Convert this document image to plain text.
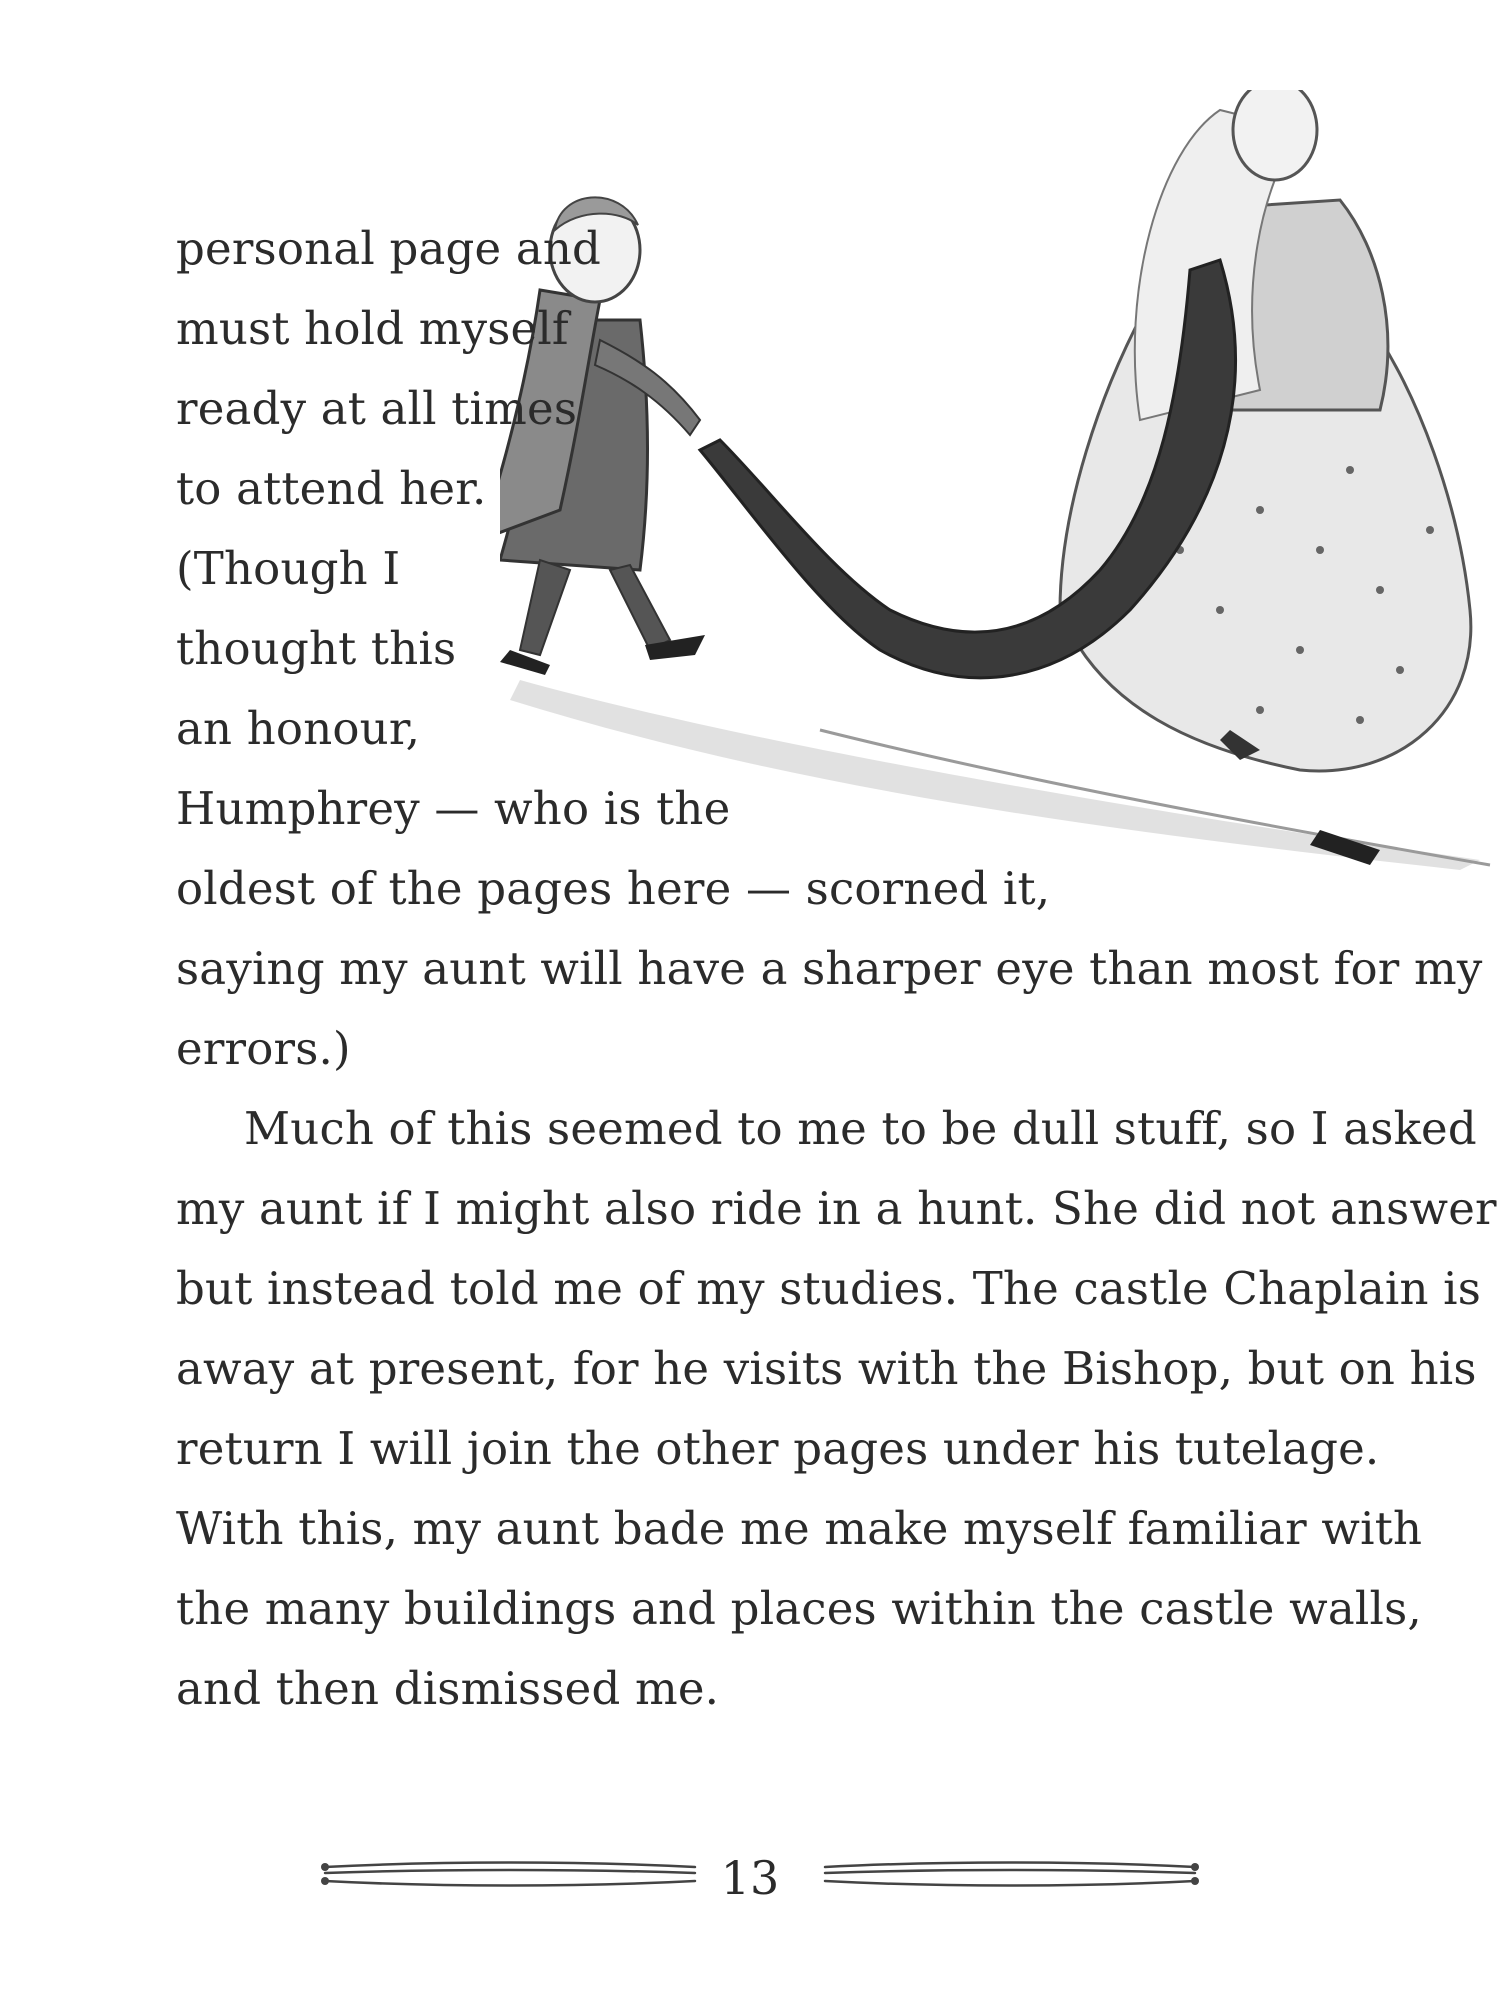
personal page and
must hold myself
ready at all times
to attend her.
(Though I
thought this
an honour,
Humphrey — who is the
oldest of the pages here — scorned it,
saying my aunt will have a sharper eye than most for my
errors.)
Much of this seemed to me to be dull stuff, so I asked
my aunt if I might also ride in a hunt. She did not answer
but instead told me of my studies. The castle Chaplain is
away at present, for he visits with the Bishop, but on his
return I will join the other pages under his tutelage.
With this, my aunt bade me make myself familiar with
the many buildings and places within the castle walls,
and then dismissed me.
13
